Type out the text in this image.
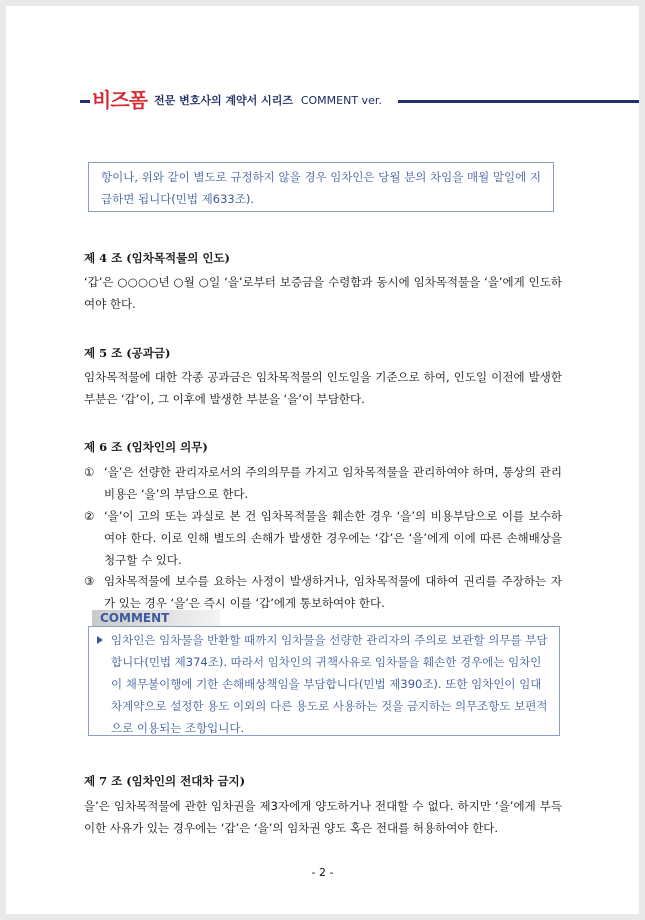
비즈폼 전문 변호사의 계약서 시리즈 COMMENT ver.
항이나, 위와 같이 별도로 규정하지 않을 경우 임차인은 당월 분의 차임을 매월 말일에 지급하면 됩니다(민법 제633조).
제 4 조 (임차목적물의 인도)
‘갑’은 ○○○○년 ○월 ○일 ‘을’로부터 보증금을 수령함과 동시에 임차목적물을 ‘을’에게 인도하여야 한다.
제 5 조 (공과금)
임차목적물에 대한 각종 공과금은 임차목적물의 인도일을 기준으로 하여, 인도일 이전에 발생한 부분은 ‘갑’이, 그 이후에 발생한 부분을 ‘을’이 부담한다.
제 6 조 (임차인의 의무)
① ‘을’은 선량한 관리자로서의 주의의무를 가지고 임차목적물을 관리하여야 하며, 통상의 관리비용은 ‘을’의 부담으로 한다.
② ‘을’이 고의 또는 과실로 본 건 임차목적물을 훼손한 경우 ‘을’의 비용부담으로 이를 보수하여야 한다. 이로 인해 별도의 손해가 발생한 경우에는 ‘갑’은 ‘을’에게 이에 따른 손해배상을 청구할 수 있다.
③ 임차목적물에 보수를 요하는 사정이 발생하거나, 임차목적물에 대하여 권리를 주장하는 자가 있는 경우 ‘을’은 즉시 이를 ‘갑’에게 통보하여야 한다.
COMMENT
임차인은 임차물을 반환할 때까지 임차물을 선량한 관리자의 주의로 보관할 의무를 부담합니다(민법 제374조). 따라서 임차인의 귀책사유로 임차물을 훼손한 경우에는 임차인이 채무불이행에 기한 손해배상책임을 부담합니다(민법 제390조). 또한 임차인이 임대차계약으로 설정한 용도 이외의 다른 용도로 사용하는 것을 금지하는 의무조항도 보편적으로 이용되는 조항입니다.
제 7 조 (임차인의 전대차 금지)
을’은 임차목적물에 관한 임차권을 제3자에게 양도하거나 전대할 수 없다. 하지만 ‘을’에게 부득이한 사유가 있는 경우에는 ‘갑’은 ‘을’의 임차권 양도 혹은 전대를 허용하여야 한다.
- 2 -
